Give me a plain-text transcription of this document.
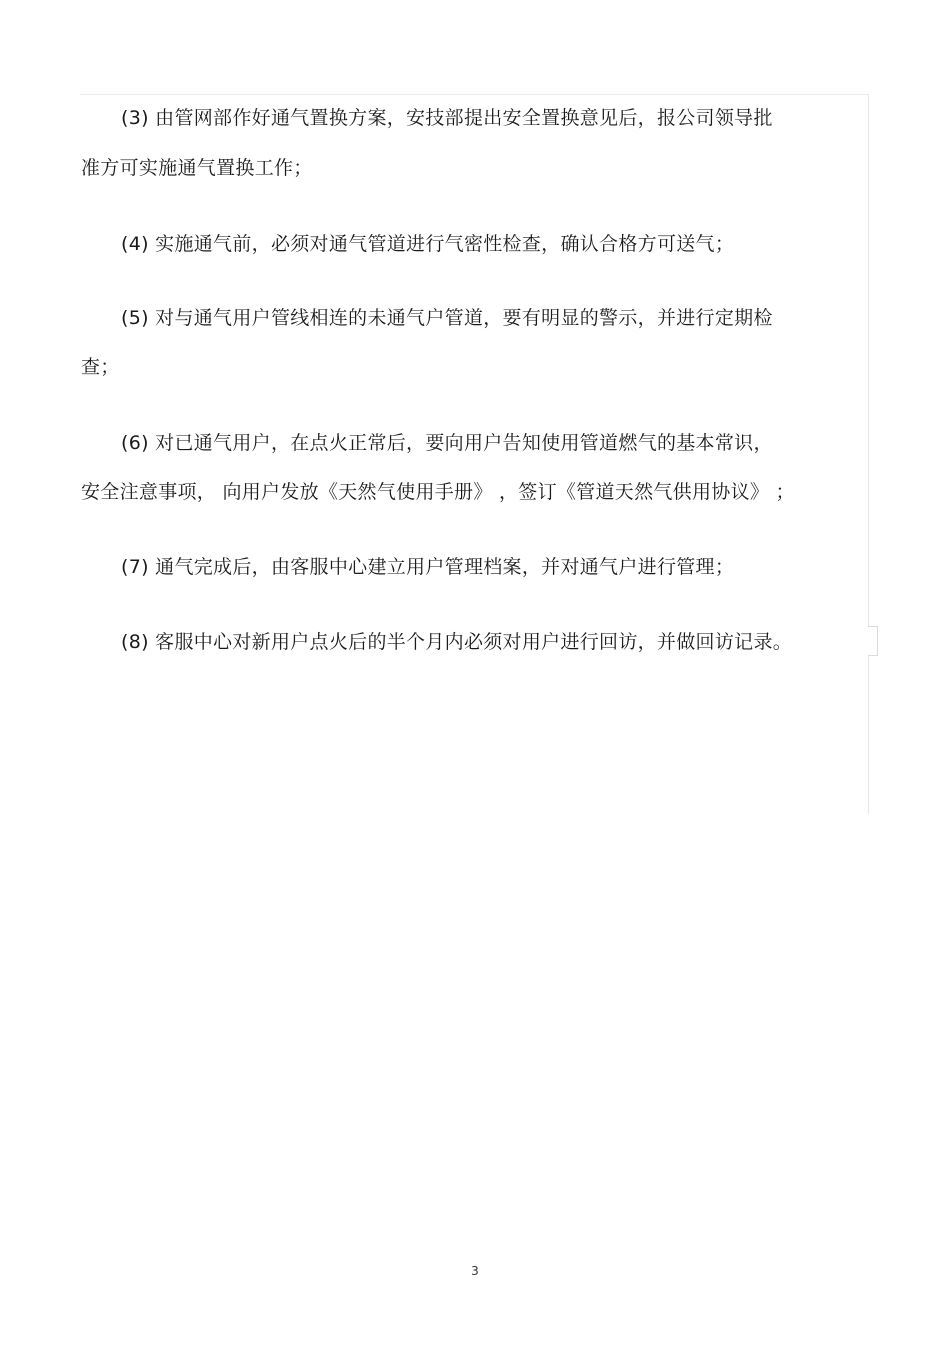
(3) 由管网部作好通气置换方案，安技部提出安全置换意见后，报公司领导批
准方可实施通气置换工作；
(4) 实施通气前，必须对通气管道进行气密性检查，确认合格方可送气；
(5) 对与通气用户管线相连的未通气户管道，要有明显的警示，并进行定期检
查；
(6) 对已通气用户，在点火正常后，要向用户告知使用管道燃气的基本常识，
安全注意事项， 向用户发放《天然气使用手册》 ，签订《管道天然气供用协议》 ；
(7) 通气完成后，由客服中心建立用户管理档案，并对通气户进行管理；
(8) 客服中心对新用户点火后的半个月内必须对用户进行回访，并做回访记录。
3
